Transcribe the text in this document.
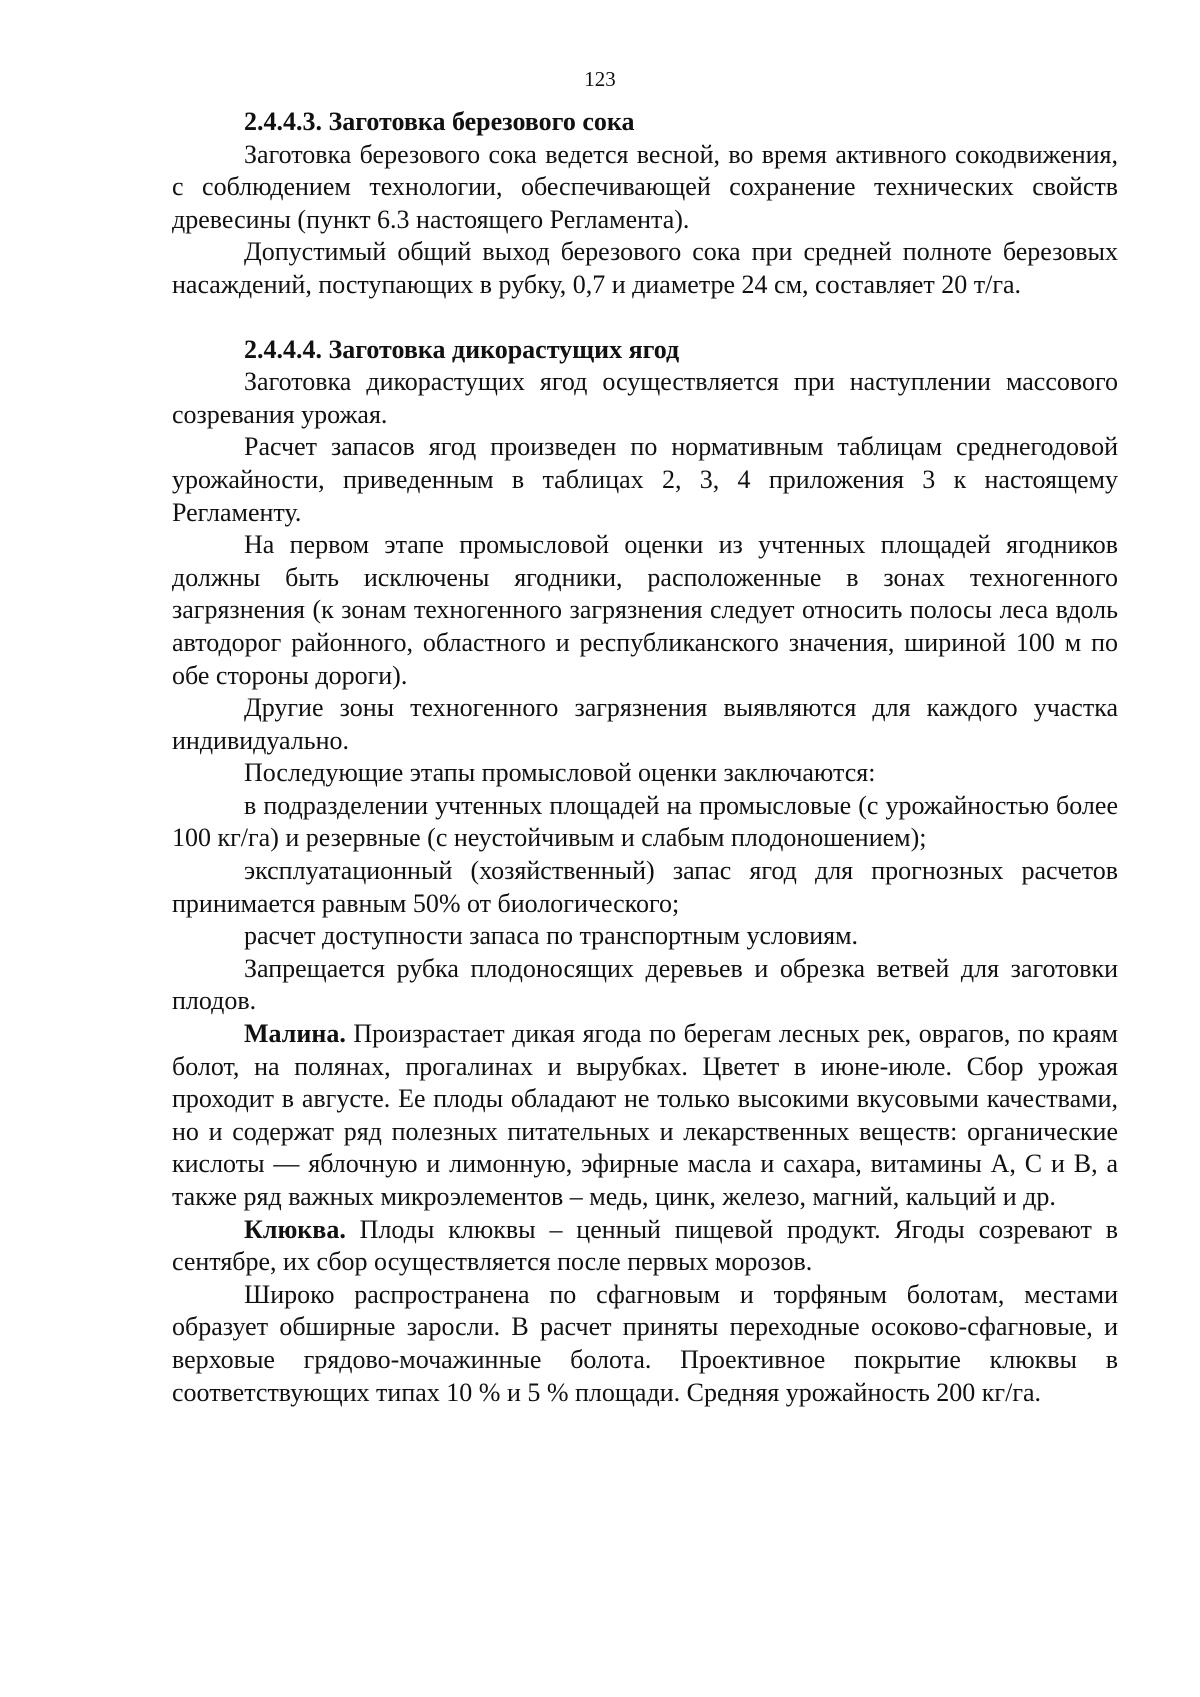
123

2.4.4.3. Заготовка березового сока

Заготовка березового сока ведется весной, во время активного сокодвижения, с соблюдением технологии, обеспечивающей сохранение технических свойств древесины (пункт 6.3 настоящего Регламента).

Допустимый общий выход березового сока при средней полноте березовых насаждений, поступающих в рубку, 0,7 и диаметре 24 см, составляет 20 т/га.

2.4.4.4. Заготовка дикорастущих ягод

Заготовка дикорастущих ягод осуществляется при наступлении массового созревания урожая.

Расчет запасов ягод произведен по нормативным таблицам среднегодовой урожайности, приведенным в таблицах 2, 3, 4 приложения 3 к настоящему Регламенту.

На первом этапе промысловой оценки из учтенных площадей ягодников должны быть исключены ягодники, расположенные в зонах техногенного загрязнения (к зонам техногенного загрязнения следует относить полосы леса вдоль автодорог районного, областного и республиканского значения, шириной 100 м по обе стороны дороги).

Другие зоны техногенного загрязнения выявляются для каждого участка индивидуально.

Последующие этапы промысловой оценки заключаются:

в подразделении учтенных площадей на промысловые (с урожайностью более 100 кг/га) и резервные (с неустойчивым и слабым плодоношением);

эксплуатационный (хозяйственный) запас ягод для прогнозных расчетов принимается равным 50% от биологического;

расчет доступности запаса по транспортным условиям.

Запрещается рубка плодоносящих деревьев и обрезка ветвей для заготовки плодов.

Малина. Произрастает дикая ягода по берегам лесных рек, оврагов, по краям болот, на полянах, прогалинах и вырубках. Цветет в июне-июле. Сбор урожая проходит в августе. Ее плоды обладают не только высокими вкусовыми качествами, но и содержат ряд полезных питательных и лекарственных веществ: органические кислоты — яблочную и лимонную, эфирные масла и сахара, витамины А, С и В, а также ряд важных микроэлементов – медь, цинк, железо, магний, кальций и др.

Клюква. Плоды клюквы – ценный пищевой продукт. Ягоды созревают в сентябре, их сбор осуществляется после первых морозов.

Широко распространена по сфагновым и торфяным болотам, местами образует обширные заросли. В расчет приняты переходные осоково-сфагновые, и верховые грядово-мочажинные болота. Проективное покрытие клюквы в соответствующих типах 10 % и 5 % площади. Средняя урожайность 200 кг/га.
